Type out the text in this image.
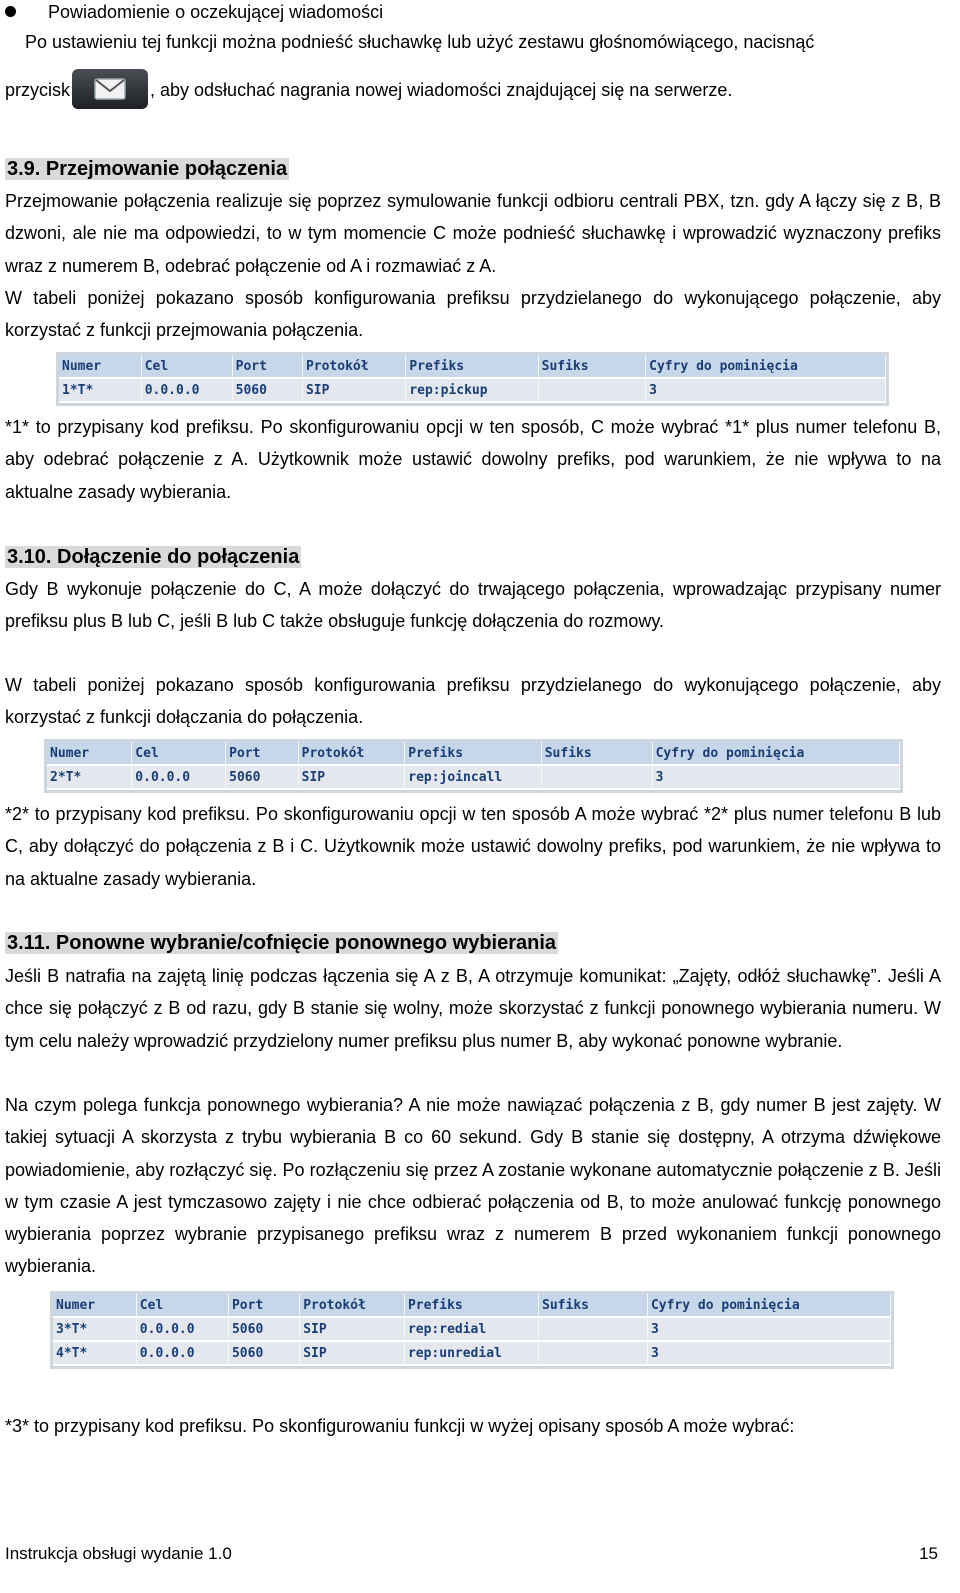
Powiadomienie o oczekującej wiadomości
Po ustawieniu tej funkcji można podnieść słuchawkę lub użyć zestawu głośnomówiącego, nacisnąć
przycisk	, aby odsłuchać nagrania nowej wiadomości znajdującej się na serwerze.
3.9. Przejmowanie połączenia
Przejmowanie połączenia realizuje się poprzez symulowanie funkcji odbioru centrali PBX, tzn. gdy A łączy się z B, B dzwoni, ale nie ma odpowiedzi, to w tym momencie C może podnieść słuchawkę i wprowadzić wyznaczony prefiks wraz z numerem B, odebrać połączenie od A i rozmawiać z A.
W tabeli poniżej pokazano sposób konfigurowania prefiksu przydzielanego do wykonującego połączenie, aby korzystać z funkcji przejmowania połączenia.
Numer	Cel	Port	Protokół	Prefiks	Sufiks	Cyfry do pominięcia
1*T*	0.0.0.0	5060	SIP	rep:pickup		3
*1* to przypisany kod prefiksu. Po skonfigurowaniu opcji w ten sposób, C może wybrać *1* plus numer telefonu B, aby odebrać połączenie z A. Użytkownik może ustawić dowolny prefiks, pod warunkiem, że nie wpływa to na aktualne zasady wybierania.
3.10. Dołączenie do połączenia
Gdy B wykonuje połączenie do C, A może dołączyć do trwającego połączenia, wprowadzając przypisany numer prefiksu plus B lub C, jeśli B lub C także obsługuje funkcję dołączenia do rozmowy.
W tabeli poniżej pokazano sposób konfigurowania prefiksu przydzielanego do wykonującego połączenie, aby korzystać z funkcji dołączania do połączenia.
Numer	Cel	Port	Protokół	Prefiks	Sufiks	Cyfry do pominięcia
2*T*	0.0.0.0	5060	SIP	rep:joincall		3
*2* to przypisany kod prefiksu. Po skonfigurowaniu opcji w ten sposób A może wybrać *2* plus numer telefonu B lub C, aby dołączyć do połączenia z B i C. Użytkownik może ustawić dowolny prefiks, pod warunkiem, że nie wpływa to na aktualne zasady wybierania.
3.11. Ponowne wybranie/cofnięcie ponownego wybierania
Jeśli B natrafia na zajętą linię podczas łączenia się A z B, A otrzymuje komunikat: „Zajęty, odłóż słuchawkę”. Jeśli A chce się połączyć z B od razu, gdy B stanie się wolny, może skorzystać z funkcji ponownego wybierania numeru. W tym celu należy wprowadzić przydzielony numer prefiksu plus numer B, aby wykonać ponowne wybranie.
Na czym polega funkcja ponownego wybierania? A nie może nawiązać połączenia z B, gdy numer B jest zajęty. W takiej sytuacji A skorzysta z trybu wybierania B co 60 sekund. Gdy B stanie się dostępny, A otrzyma dźwiękowe powiadomienie, aby rozłączyć się. Po rozłączeniu się przez A zostanie wykonane automatycznie połączenie z B. Jeśli w tym czasie A jest tymczasowo zajęty i nie chce odbierać połączenia od B, to może anulować funkcję ponownego wybierania poprzez wybranie przypisanego prefiksu wraz z numerem B przed wykonaniem funkcji ponownego wybierania.
Numer	Cel	Port	Protokół	Prefiks	Sufiks	Cyfry do pominięcia
3*T*	0.0.0.0	5060	SIP	rep:redial		3
4*T*	0.0.0.0	5060	SIP	rep:unredial		3
*3* to przypisany kod prefiksu. Po skonfigurowaniu funkcji w wyżej opisany sposób A może wybrać:
Instrukcja obsługi wydanie 1.0	15
